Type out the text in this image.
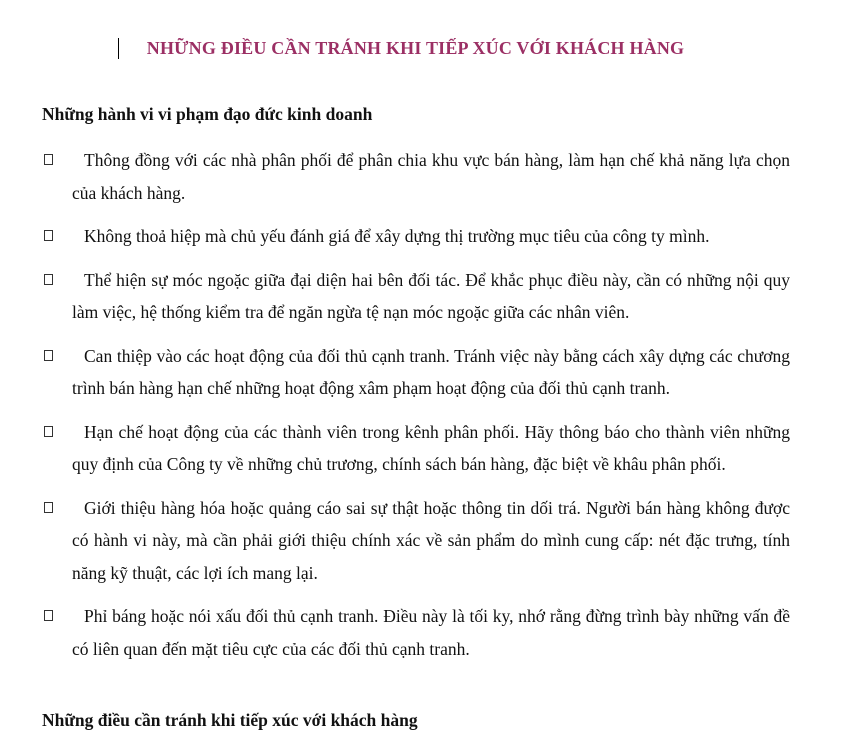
NHỮNG ĐIỀU CẦN TRÁNH KHI TIẾP XÚC VỚI KHÁCH HÀNG
Những hành vi vi phạm đạo đức kinh doanh
Thông đồng với các nhà phân phối để phân chia khu vực bán hàng, làm hạn chế khả năng lựa chọn của khách hàng.
Không thoả hiệp mà chủ yếu đánh giá để xây dựng thị trường mục tiêu của công ty mình.
Thể hiện sự móc ngoặc giữa đại diện hai bên đối tác. Để khắc phục điều này, cần có những nội quy làm việc, hệ thống kiểm tra để ngăn ngừa tệ nạn móc ngoặc giữa các nhân viên.
Can thiệp vào các hoạt động của đối thủ cạnh tranh. Tránh việc này bằng cách xây dựng các chương trình bán hàng hạn chế những hoạt động xâm phạm hoạt động của đối thủ cạnh tranh.
Hạn chế hoạt động của các thành viên trong kênh phân phối. Hãy thông báo cho thành viên những quy định của Công ty về những chủ trương, chính sách bán hàng, đặc biệt về khâu phân phối.
Giới thiệu hàng hóa hoặc quảng cáo sai sự thật hoặc thông tin dối trá. Người bán hàng không được có hành vi này, mà cần phải giới thiệu chính xác về sản phẩm do mình cung cấp: nét đặc trưng, tính năng kỹ thuật, các lợi ích mang lại.
Phỉ báng hoặc nói xấu đối thủ cạnh tranh. Điều này là tối ky, nhớ rằng đừng trình bày những vấn đề có liên quan đến mặt tiêu cực của các đối thủ cạnh tranh.
Những điều cần tránh khi tiếp xúc với khách hàng
